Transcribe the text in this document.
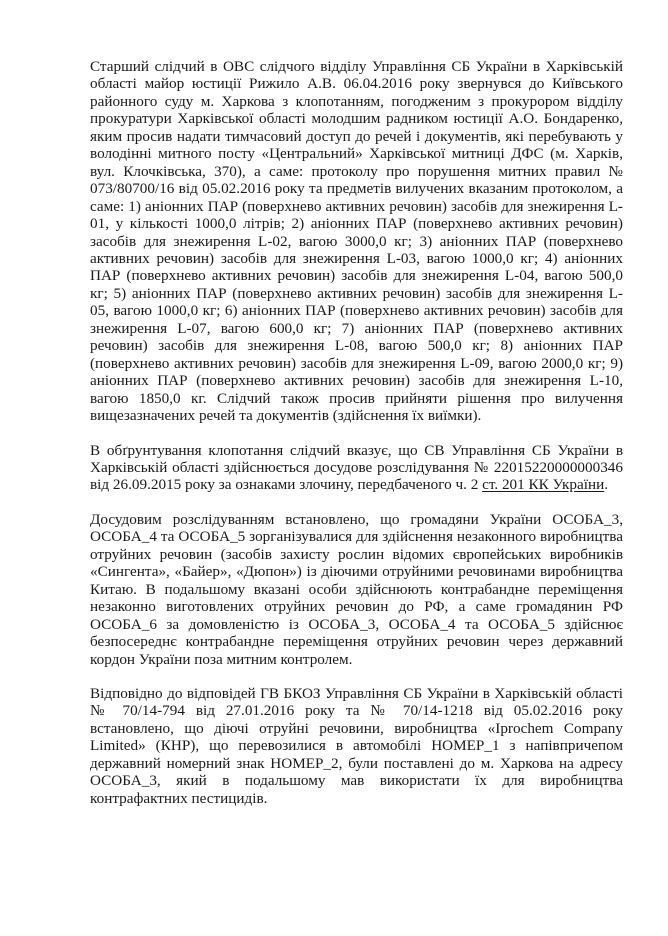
Старший слідчий в ОВС слідчого відділу Управління СБ України в Харківській області майор юстиції Рижило А.В. 06.04.2016 року звернувся до Київського районного суду м. Харкова з клопотанням, погодженим з прокурором відділу прокуратури Харківської області молодшим радником юстиції А.О. Бондаренко, яким просив надати тимчасовий доступ до речей і документів, які перебувають у володінні митного посту «Центральний» Харківської митниці ДФС (м. Харків, вул. Клочківська, 370), а саме: протоколу про порушення митних правил № 073/80700/16 від 05.02.2016 року та предметів вилучених вказаним протоколом, а саме: 1) аніонних ПАР (поверхнево активних речовин) засобів для знежирення L-01, у кількості 1000,0 літрів; 2) аніонних ПАР (поверхнево активних речовин) засобів для знежирення L-02, вагою 3000,0 кг; 3) аніонних ПАР (поверхнево активних речовин) засобів для знежирення L-03, вагою 1000,0 кг; 4) аніонних ПАР (поверхнево активних речовин) засобів для знежирення L-04, вагою 500,0 кг; 5) аніонних ПАР (поверхнево активних речовин) засобів для знежирення L-05, вагою 1000,0 кг; 6) аніонних ПАР (поверхнево активних речовин) засобів для знежирення L-07, вагою 600,0 кг; 7) аніонних ПАР (поверхнево активних речовин) засобів для знежирення L-08, вагою 500,0 кг; 8) аніонних ПАР (поверхнево активних речовин) засобів для знежирення L-09, вагою 2000,0 кг; 9) аніонних ПАР (поверхнево активних речовин) засобів для знежирення L-10, вагою 1850,0 кг. Слідчий також просив прийняти рішення про вилучення вищезазначених речей та документів (здійснення їх виїмки).

В обґрунтування клопотання слідчий вказує, що СВ Управління СБ України в Харківській області здійснюється досудове розслідування № 22015220000000346 від 26.09.2015 року за ознаками злочину, передбаченого ч. 2 ст. 201 КК України.

Досудовим розслідуванням встановлено, що громадяни України ОСОБА_3, ОСОБА_4 та ОСОБА_5 зорганізувалися для здійснення незаконного виробництва отруйних речовин (засобів захисту рослин відомих європейських виробників «Сингента», «Байер», «Дюпон») із діючими отруйними речовинами виробництва Китаю. В подальшому вказані особи здійснюють контрабандне переміщення незаконно виготовлених отруйних речовин до РФ, а саме громадянин РФ ОСОБА_6 за домовленістю із ОСОБА_3, ОСОБА_4 та ОСОБА_5 здійснює безпосереднє контрабандне переміщення отруйних речовин через державний кордон України поза митним контролем.

Відповідно до відповідей ГВ БКОЗ Управління СБ України в Харківській області № 70/14-794 від 27.01.2016 року та № 70/14-1218 від 05.02.2016 року встановлено, що діючі отруйні речовини, виробництва «Iprochem Company Limited» (КНР), що перевозилися в автомобілі НОМЕР_1 з напівпричепом державний номерний знак НОМЕР_2, були поставлені до м. Харкова на адресу ОСОБА_3, який в подальшому мав використати їх для виробництва контрафактних пестицидів.
